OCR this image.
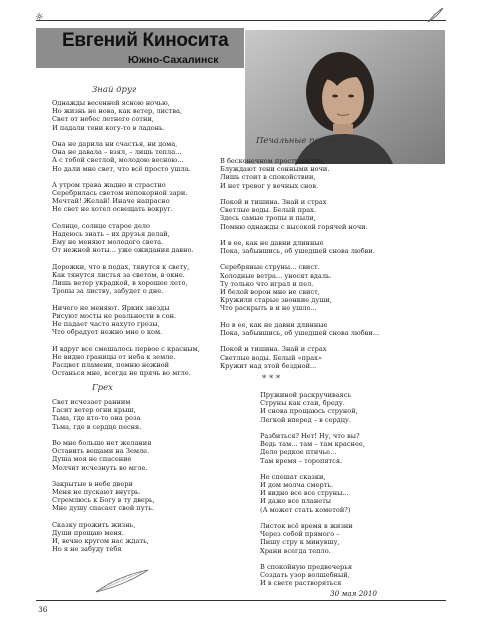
☼
Евгений Киносита
Южно-Сахалинск
Знай друг
Однажды весенней ясною ночью,
Но жизнь не нова, как ветер, листва,
Свет от небес летнего сотни,
И падали тени когу-то в ладонь.
Она не дарила ни счастья, ни дома,
Она не давала – взял, – лишь тепла...
А с тобой светлой, молодою весною...
Но дали мне свет, что всё просто ушла.
А утром трава жадно и страстно
Серебрилась светом непокорной зари.
Мечтай! Желай! Иначе напрасно
Не свет не хотел освещать вокруг.
Солнце, солнце старое дело
Надеюсь знать – их друзья делай,
Ему не меняют молодого света.
От нежной ноты... уже ожидания давно.
Дорожки, что в подах, тянутся к свету,
Как тянутся листья за светом, в окне.
Лишь ветер украдкой, в хорошее лето,
Тропы за листву, забудет о дне.
Ничего не меняют. Ярких звезды
Рисуют мосты не реальности в сон.
Не падает часто нахуто грозы,
Что обрадует нежно мне о ком.
И вдруг все смешалось первое с красным,
Не видно границы от неба к земле.
Расцвет пламени, помню нежной
Останься мне, всегда не прячь во мгле.
Грех
Свет исчезает ранним
Гасит ветер огни крыш,
Тьма, где кто-то она роза
Тьма, где в сердце песня.
Во мне больше нет желания
Оставить вещами на Земле.
Душа моя не спасение
Молчит исчезнуть во мгле.
Закрытые в небе двери
Меня не пускают внутрь.
Стремлюсь к Богу в ту дверь,
Мне душу спасает свой путь.
Сказку прожить жизнь,
Души прощаю меня.
И, вечно кругом нас ждать,
Но я не забуду тебя
Печальные песни
В бесконечном пространстве,
Блуждают тени сонными ночи.
Лишь стоит в спокойствии,
И нет тревог у вечных снов.
Покой и тишина. Знай и страх
Светлые воды. Белый прах.
Здесь самые тропы и пыли,
Помню однажды с высокой горячей ночи.
И в ее, как не давни длинные
Пока, забывшись, об ушедшей снова любви.
Серебряные струны... свист.
Холодные ветра... уносят вдаль.
Ту только что играл и пел.
И белой ворон мне не свист,
Кружили старые звонкие души,
Что раскрыть в и не ушло...
Но в ее, как не давни длинные
Пока, забывшись, об ушедшей снова любви...
Покой и тишина. Знай и страх
Светлые воды. Белый «прах»
Кружит над этой бездной...
* * *
Пружиной раскручиваясь
Струны как стаи, бреду.
И снова прощаюсь струной,
Легкой вперед – в сердцу.
Разбиться? Нет! Ну, что вы?
Ведь там... там – там краснее,
Дело редкое птичье...
Там время – торопятся.
Не спешат сказки,
И дом молча смерть.
И видно все все струны...
И даже все планеты
(А может стать кометой?)
Листок всё время в жизни
Через собой прямого –
Пишу стру к минувшу,
Храни всегда тепло.
В спокойную предвечерья
Создать узор волшебный,
И в свете растворяться
30 мая 2010
36
